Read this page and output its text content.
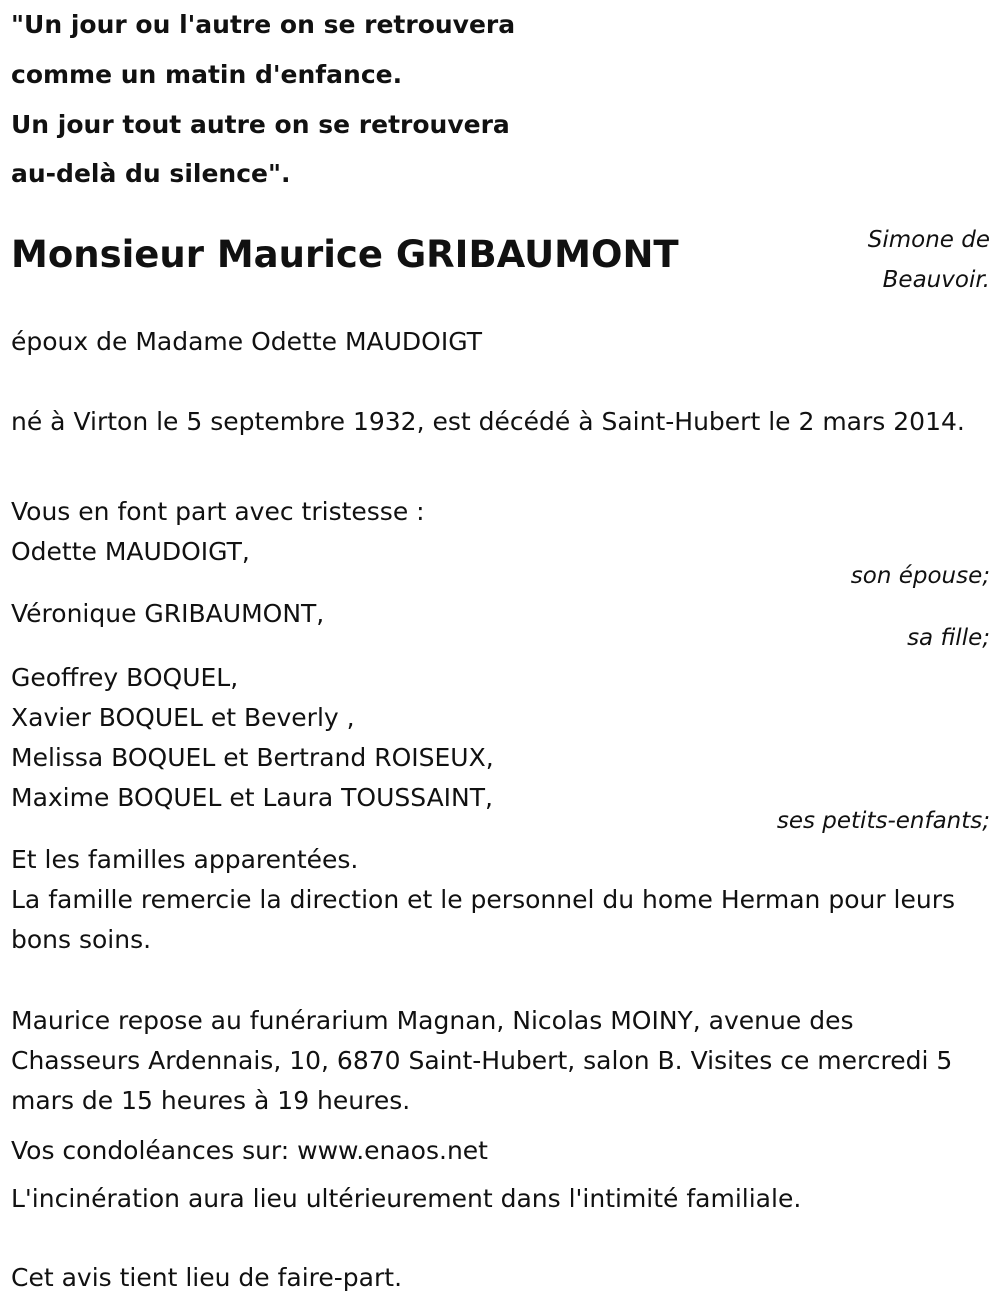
"Un jour ou l'autre on se retrouvera
comme un matin d'enfance.
Un jour tout autre on se retrouvera
au-delà du silence".
Monsieur Maurice GRIBAUMONT	Simone de
Beauvoir.
époux de Madame Odette MAUDOIGT
né à Virton le 5 septembre 1932, est décédé à Saint-Hubert le 2 mars 2014.
Vous en font part avec tristesse :
Odette MAUDOIGT,
son épouse;
Véronique GRIBAUMONT,
sa fille;
Geoffrey BOQUEL,
Xavier BOQUEL et Beverly ,
Melissa BOQUEL et Bertrand ROISEUX,
Maxime BOQUEL et Laura TOUSSAINT,
ses petits-enfants;
Et les familles apparentées.
La famille remercie la direction et le personnel du home Herman pour leurs bons soins.
Maurice repose au funérarium Magnan, Nicolas MOINY, avenue des Chasseurs Ardennais, 10, 6870 Saint-Hubert, salon B. Visites ce mercredi 5 mars de 15 heures à 19 heures.
Vos condoléances sur: www.enaos.net
L'incinération aura lieu ultérieurement dans l'intimité familiale.
Cet avis tient lieu de faire-part.
